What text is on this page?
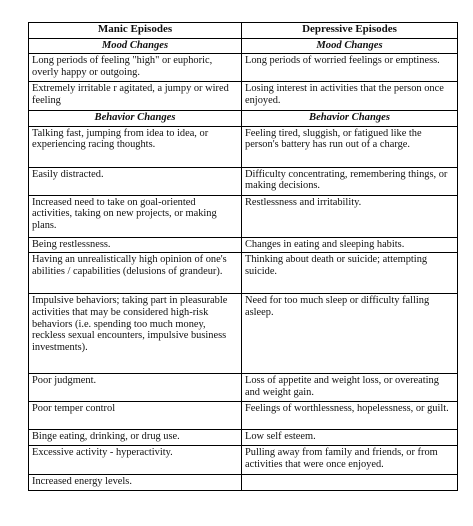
Manic Episodes	Depressive Episodes
Mood Changes	Mood Changes
Long periods of feeling "high" or euphoric, overly happy or outgoing.	Long periods of worried feelings or emptiness.
Extremely irritable r agitated, a jumpy or wired feeling	Losing interest in activities that the person once enjoyed.
Behavior Changes	Behavior Changes
Talking fast, jumping from idea to idea, or experiencing racing thoughts.	Feeling tired, sluggish, or fatigued like the person's battery has run out of a charge.
Easily distracted.	Difficulty concentrating, remembering things, or making decisions.
Increased need to take on goal-oriented activities, taking on new projects, or making plans.	Restlessness and irritability.
Being restlessness.	Changes in eating and sleeping habits.
Having an unrealistically high opinion of one's abilities / capabilities (delusions of grandeur).	Thinking about death or suicide; attempting suicide.
Impulsive behaviors; taking part in pleasurable activities that may be considered high-risk behaviors (i.e. spending too much money, reckless sexual encounters, impulsive business investments).	Need for too much sleep or difficulty falling asleep.
Poor judgment.	Loss of appetite and weight loss, or overeating and weight gain.
Poor temper control	Feelings of worthlessness, hopelessness, or guilt.
Binge eating, drinking, or drug use.	Low self esteem.
Excessive activity - hyperactivity.	Pulling away from family and friends, or from activities that were once enjoyed.
Increased energy levels.	
